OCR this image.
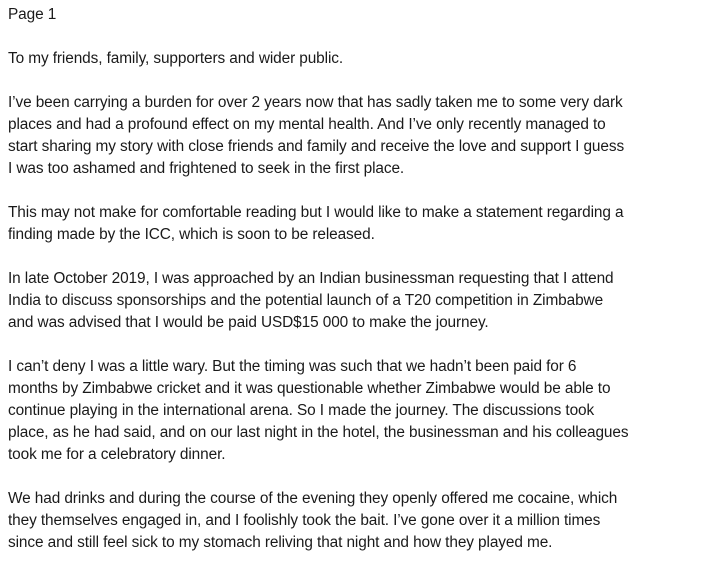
Page 1
To my friends, family, supporters and wider public.
I’ve been carrying a burden for over 2 years now that has sadly taken me to some very dark
places and had a profound effect on my mental health. And I’ve only recently managed to
start sharing my story with close friends and family and receive the love and support I guess
I was too ashamed and frightened to seek in the first place.
This may not make for comfortable reading but I would like to make a statement regarding a
finding made by the ICC, which is soon to be released.
In late October 2019, I was approached by an Indian businessman requesting that I attend
India to discuss sponsorships and the potential launch of a T20 competition in Zimbabwe
and was advised that I would be paid USD$15 000 to make the journey.
I can’t deny I was a little wary. But the timing was such that we hadn’t been paid for 6
months by Zimbabwe cricket and it was questionable whether Zimbabwe would be able to
continue playing in the international arena. So I made the journey. The discussions took
place, as he had said, and on our last night in the hotel, the businessman and his colleagues
took me for a celebratory dinner.
We had drinks and during the course of the evening they openly offered me cocaine, which
they themselves engaged in, and I foolishly took the bait. I’ve gone over it a million times
since and still feel sick to my stomach reliving that night and how they played me.
